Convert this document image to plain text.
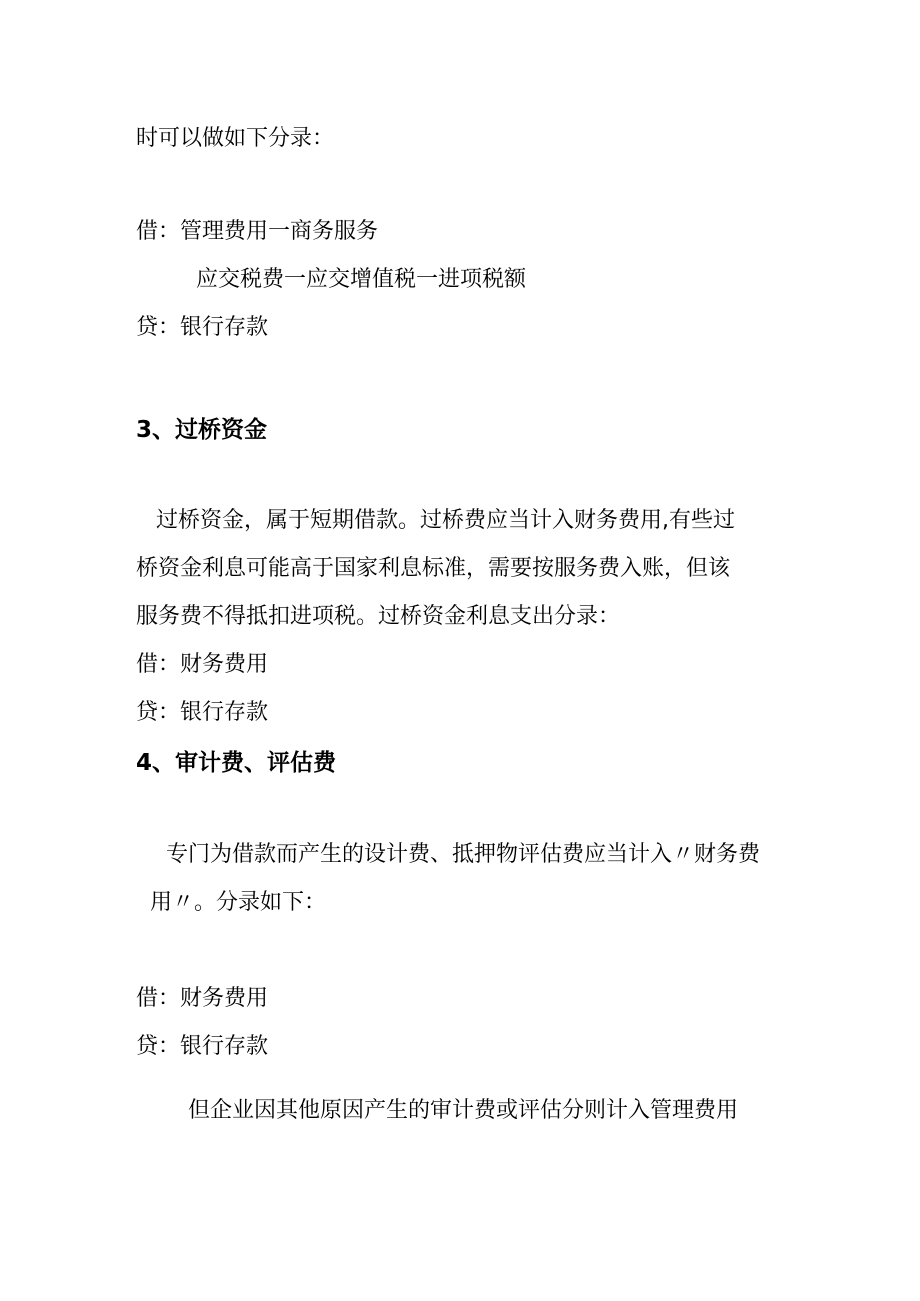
时可以做如下分录：
借：管理费用一商务服务
应交税费一应交增值税一进项税额
贷：银行存款
3、过桥资金
过桥资金，属于短期借款。过桥费应当计入财务费用,有些过
桥资金利息可能高于国家利息标准，需要按服务费入账，但该
服务费不得抵扣进项税。过桥资金利息支出分录：
借：财务费用
贷：银行存款
4、审计费、评估费
专门为借款而产生的设计费、抵押物评估费应当计入〃财务费
用〃。分录如下：
借：财务费用
贷：银行存款
但企业因其他原因产生的审计费或评估分则计入管理费用
